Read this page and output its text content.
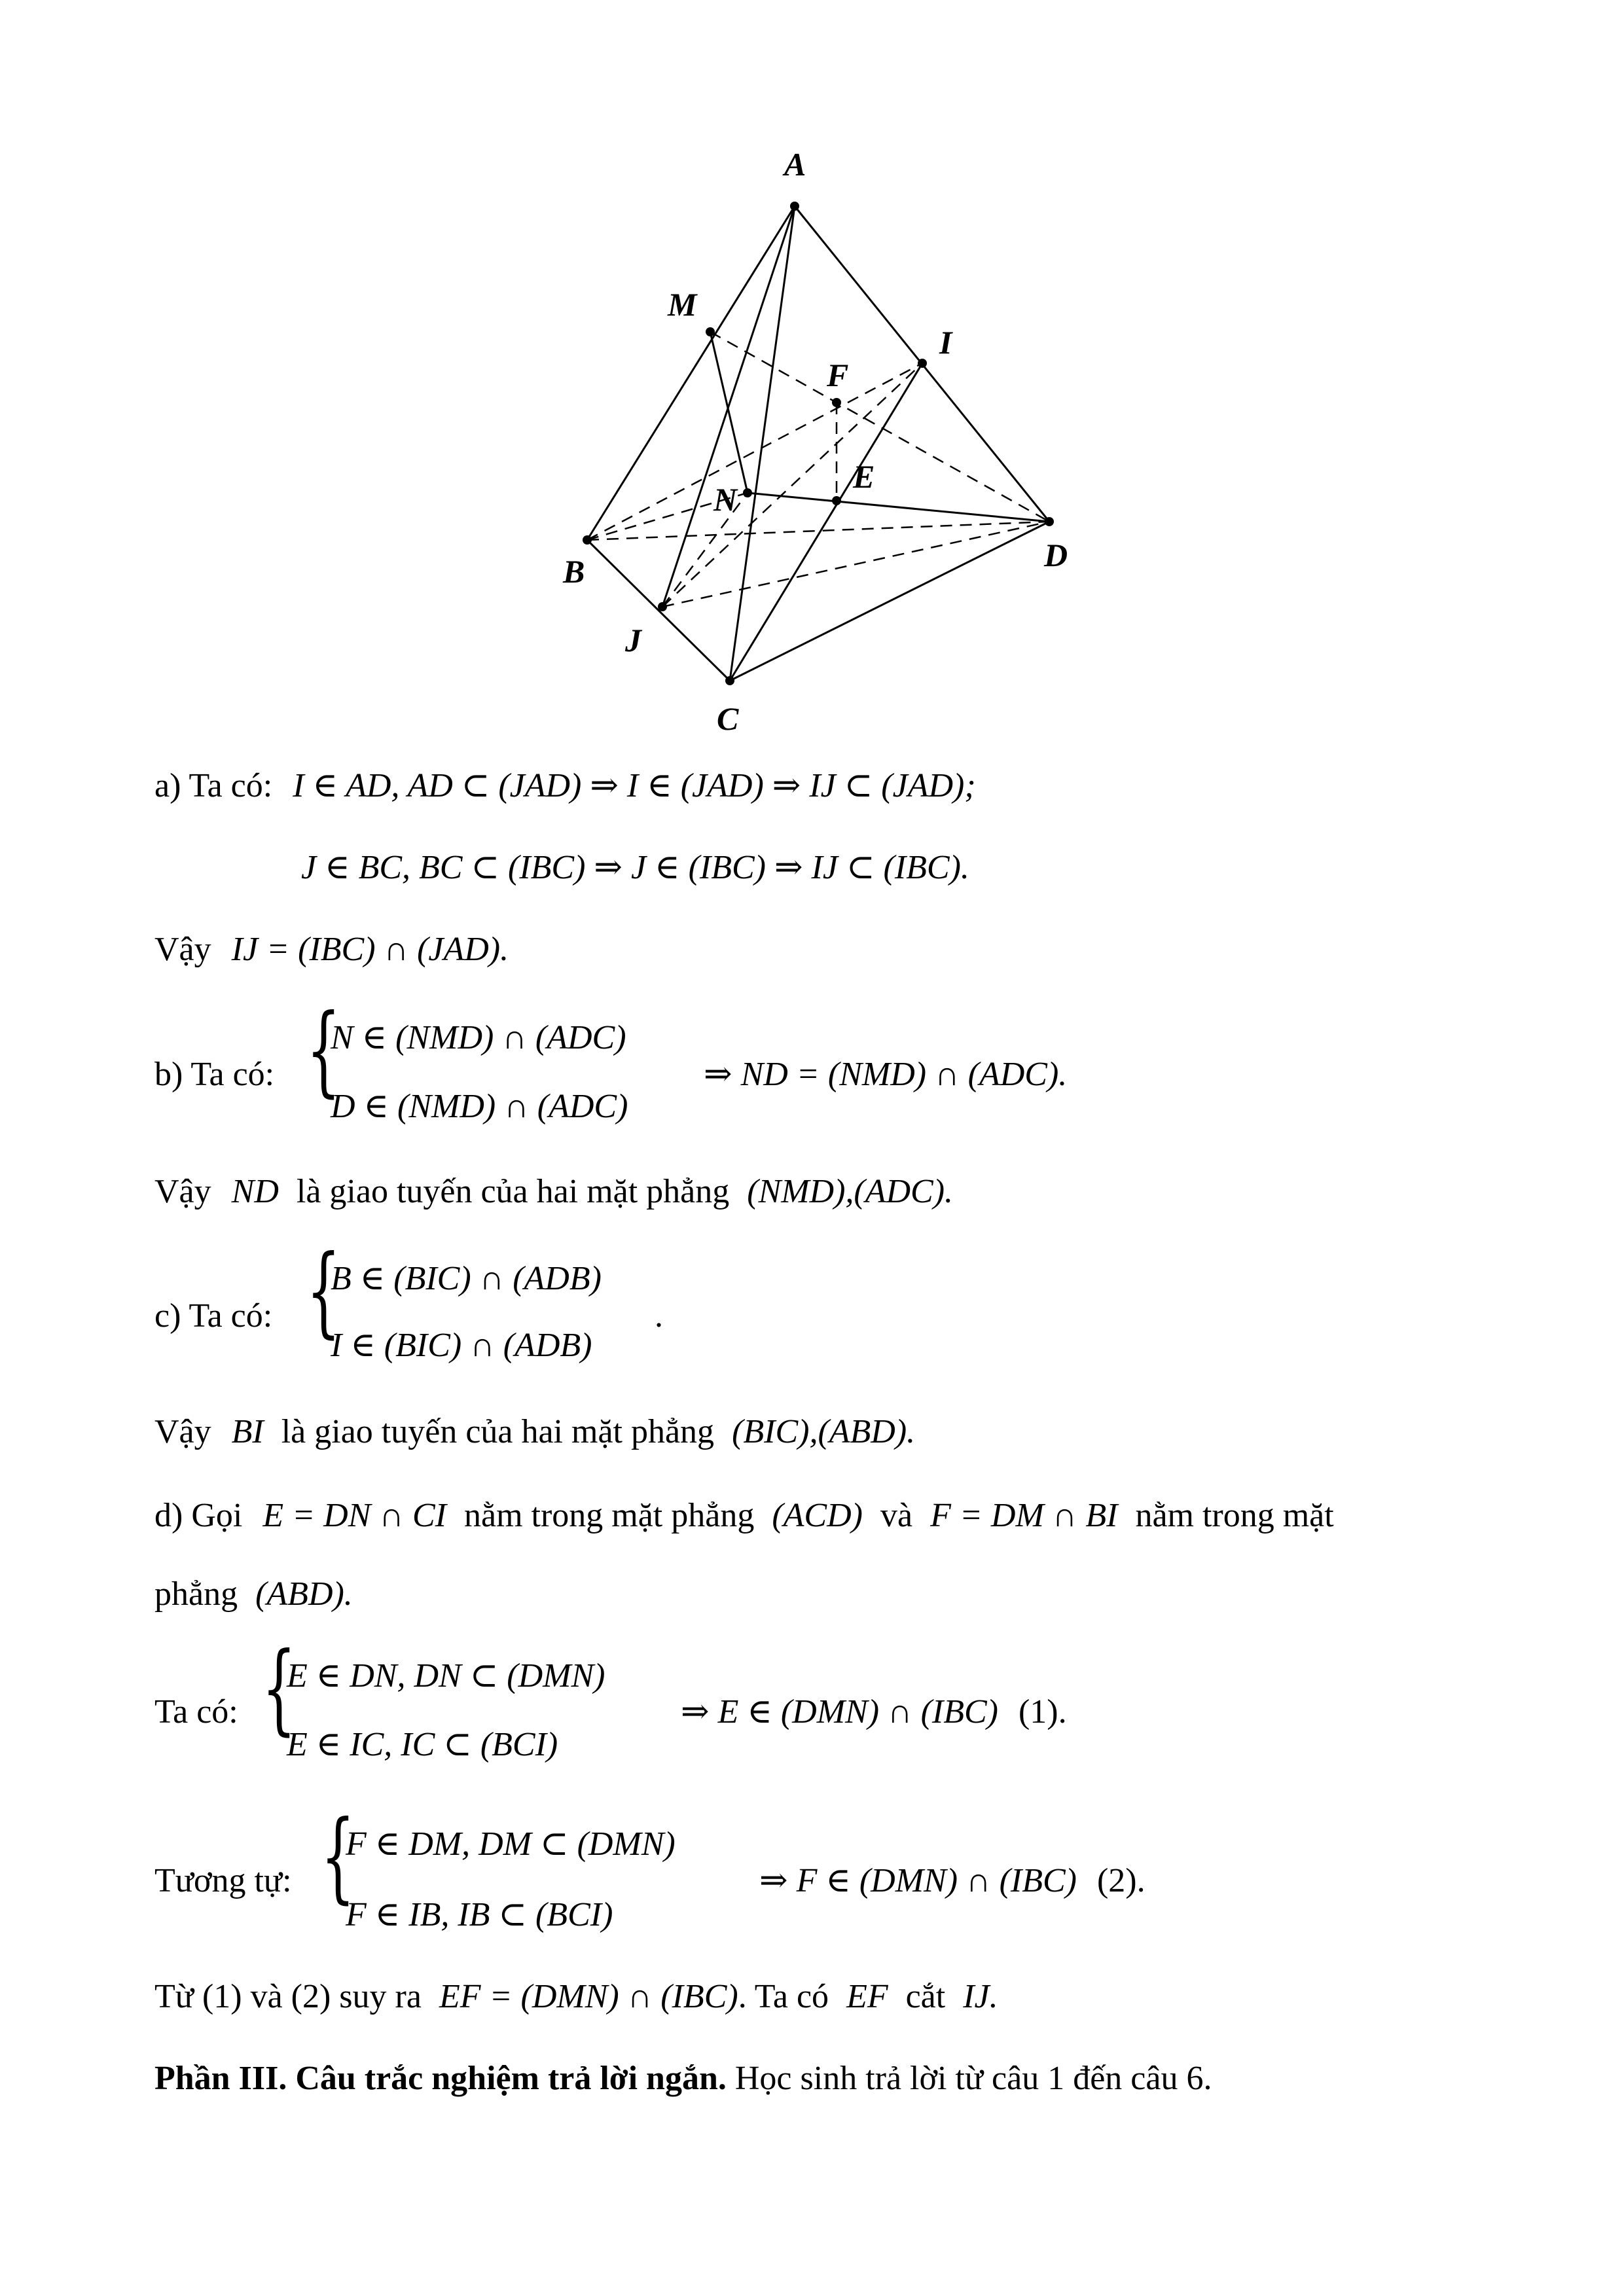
A
M
I
F
E
N
B	D
J
C
a) Ta có: I ∈ AD, AD ⊂ (JAD) ⇒ I ∈ (JAD) ⇒ IJ ⊂ (JAD);
J ∈ BC, BC ⊂ (IBC) ⇒ J ∈ (IBC) ⇒ IJ ⊂ (IBC).
Vậy IJ = (IBC) ∩ (JAD).
b) Ta có: {
N ∈ (NMD) ∩ (ADC)
D ∈ (NMD) ∩ (ADC)
⇒ ND = (NMD) ∩ (ADC).
Vậy ND là giao tuyến của hai mặt phẳng (NMD),(ADC).
c) Ta có: {
B ∈ (BIC) ∩ (ADB)
I ∈ (BIC) ∩ (ADB)
.
Vậy BI là giao tuyến của hai mặt phẳng (BIC),(ABD).
d) Gọi E = DN ∩ CI nằm trong mặt phẳng (ACD) và F = DM ∩ BI nằm trong mặt
phẳng (ABD).
Ta có: {
E ∈ DN, DN ⊂ (DMN)
E ∈ IC, IC ⊂ (BCI)
⇒ E ∈ (DMN) ∩ (IBC) (1).
Tương tự: {
F ∈ DM, DM ⊂ (DMN)
F ∈ IB, IB ⊂ (BCI)
⇒ F ∈ (DMN) ∩ (IBC) (2).
Từ (1) và (2) suy ra EF = (DMN) ∩ (IBC). Ta có EF cắt IJ.
Phần III. Câu trắc nghiệm trả lời ngắn. Học sinh trả lời từ câu 1 đến câu 6.
